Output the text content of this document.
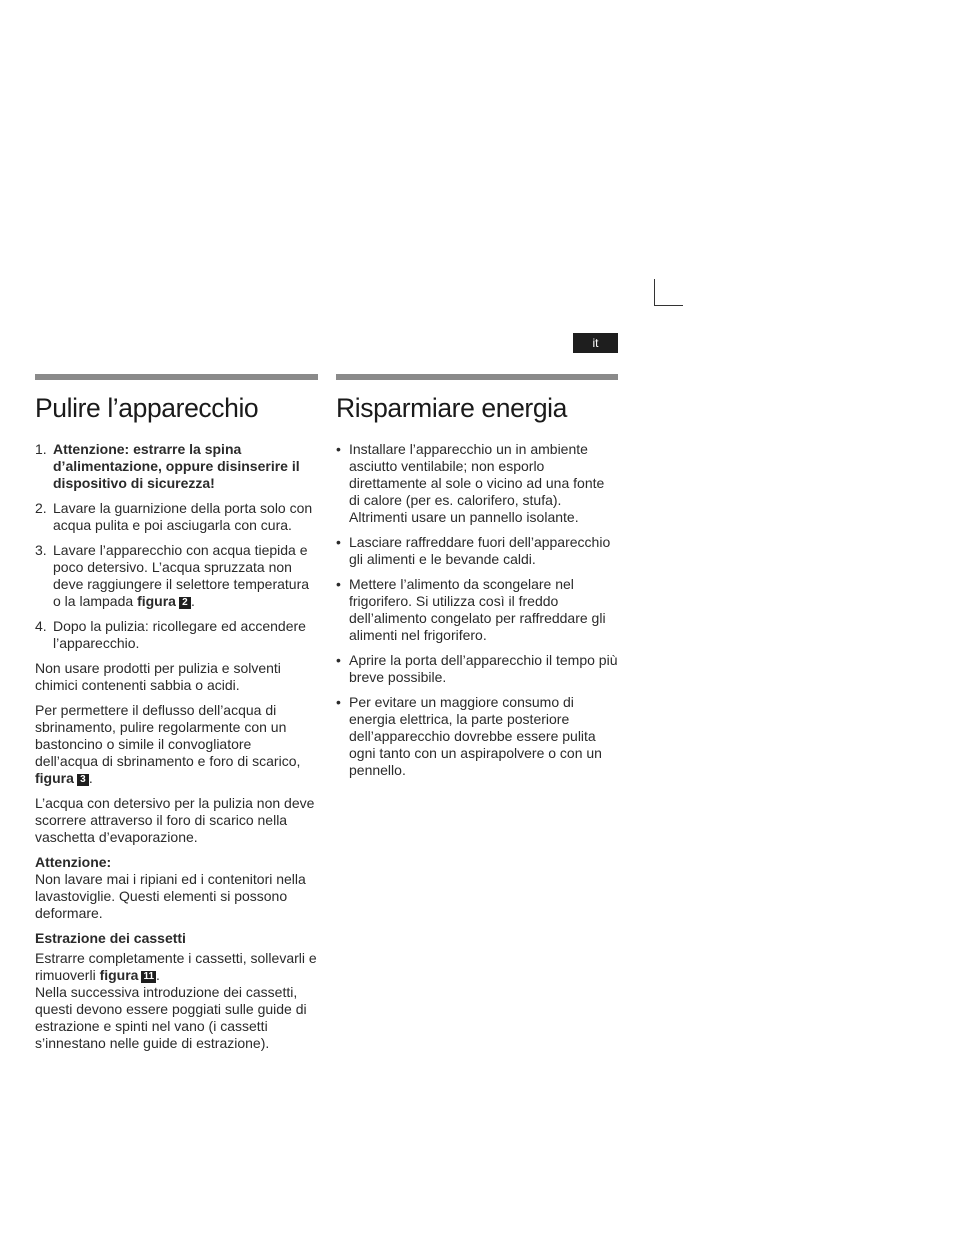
it
Pulire l’apparecchio
1. Attenzione: estrarre la spina d’alimentazione, oppure disinserire il dispositivo di sicurezza!
2. Lavare la guarnizione della porta solo con acqua pulita e poi asciugarla con cura.
3. Lavare l’apparecchio con acqua tiepida e poco detersivo. L’acqua spruzzata non deve raggiungere il selettore temperatura o la lampada figura 2 .
4. Dopo la pulizia: ricollegare ed accendere l’apparecchio.

Non usare prodotti per pulizia e solventi chimici contenenti sabbia o acidi.

Per permettere il deflusso dell’acqua di sbrinamento, pulire regolarmente con un bastoncino o simile il convogliatore dell’acqua di sbrinamento e foro di scarico, figura 3 .

L’acqua con detersivo per la pulizia non deve scorrere attraverso il foro di scarico nella vaschetta d’evaporazione.

Attenzione:

Non lavare mai i ripiani ed i contenitori nella lavastoviglie. Questi elementi si possono deformare.

Estrazione dei cassetti

Estrarre completamente i cassetti, sollevarli e rimuoverli figura 11 .

Nella successiva introduzione dei cassetti, questi devono essere poggiati sulle guide di estrazione e spinti nel vano (i cassetti s’innestano nelle guide di estrazione).

Risparmiare energia
• Installare l’apparecchio un in ambiente asciutto ventilabile; non esporlo direttamente al sole o vicino ad una fonte di calore (per es. calorifero, stufa). Altrimenti usare un pannello isolante.
• Lasciare raffreddare fuori dell’apparecchio gli alimenti e le bevande caldi.
• Mettere l’alimento da scongelare nel frigorifero. Si utilizza così il freddo dell’alimento congelato per raffreddare gli alimenti nel frigorifero.
• Aprire la porta dell’apparecchio il tempo più breve possibile.
• Per evitare un maggiore consumo di energia elettrica, la parte posteriore dell’apparecchio dovrebbe essere pulita ogni tanto con un aspirapolvere o con un pennello.
